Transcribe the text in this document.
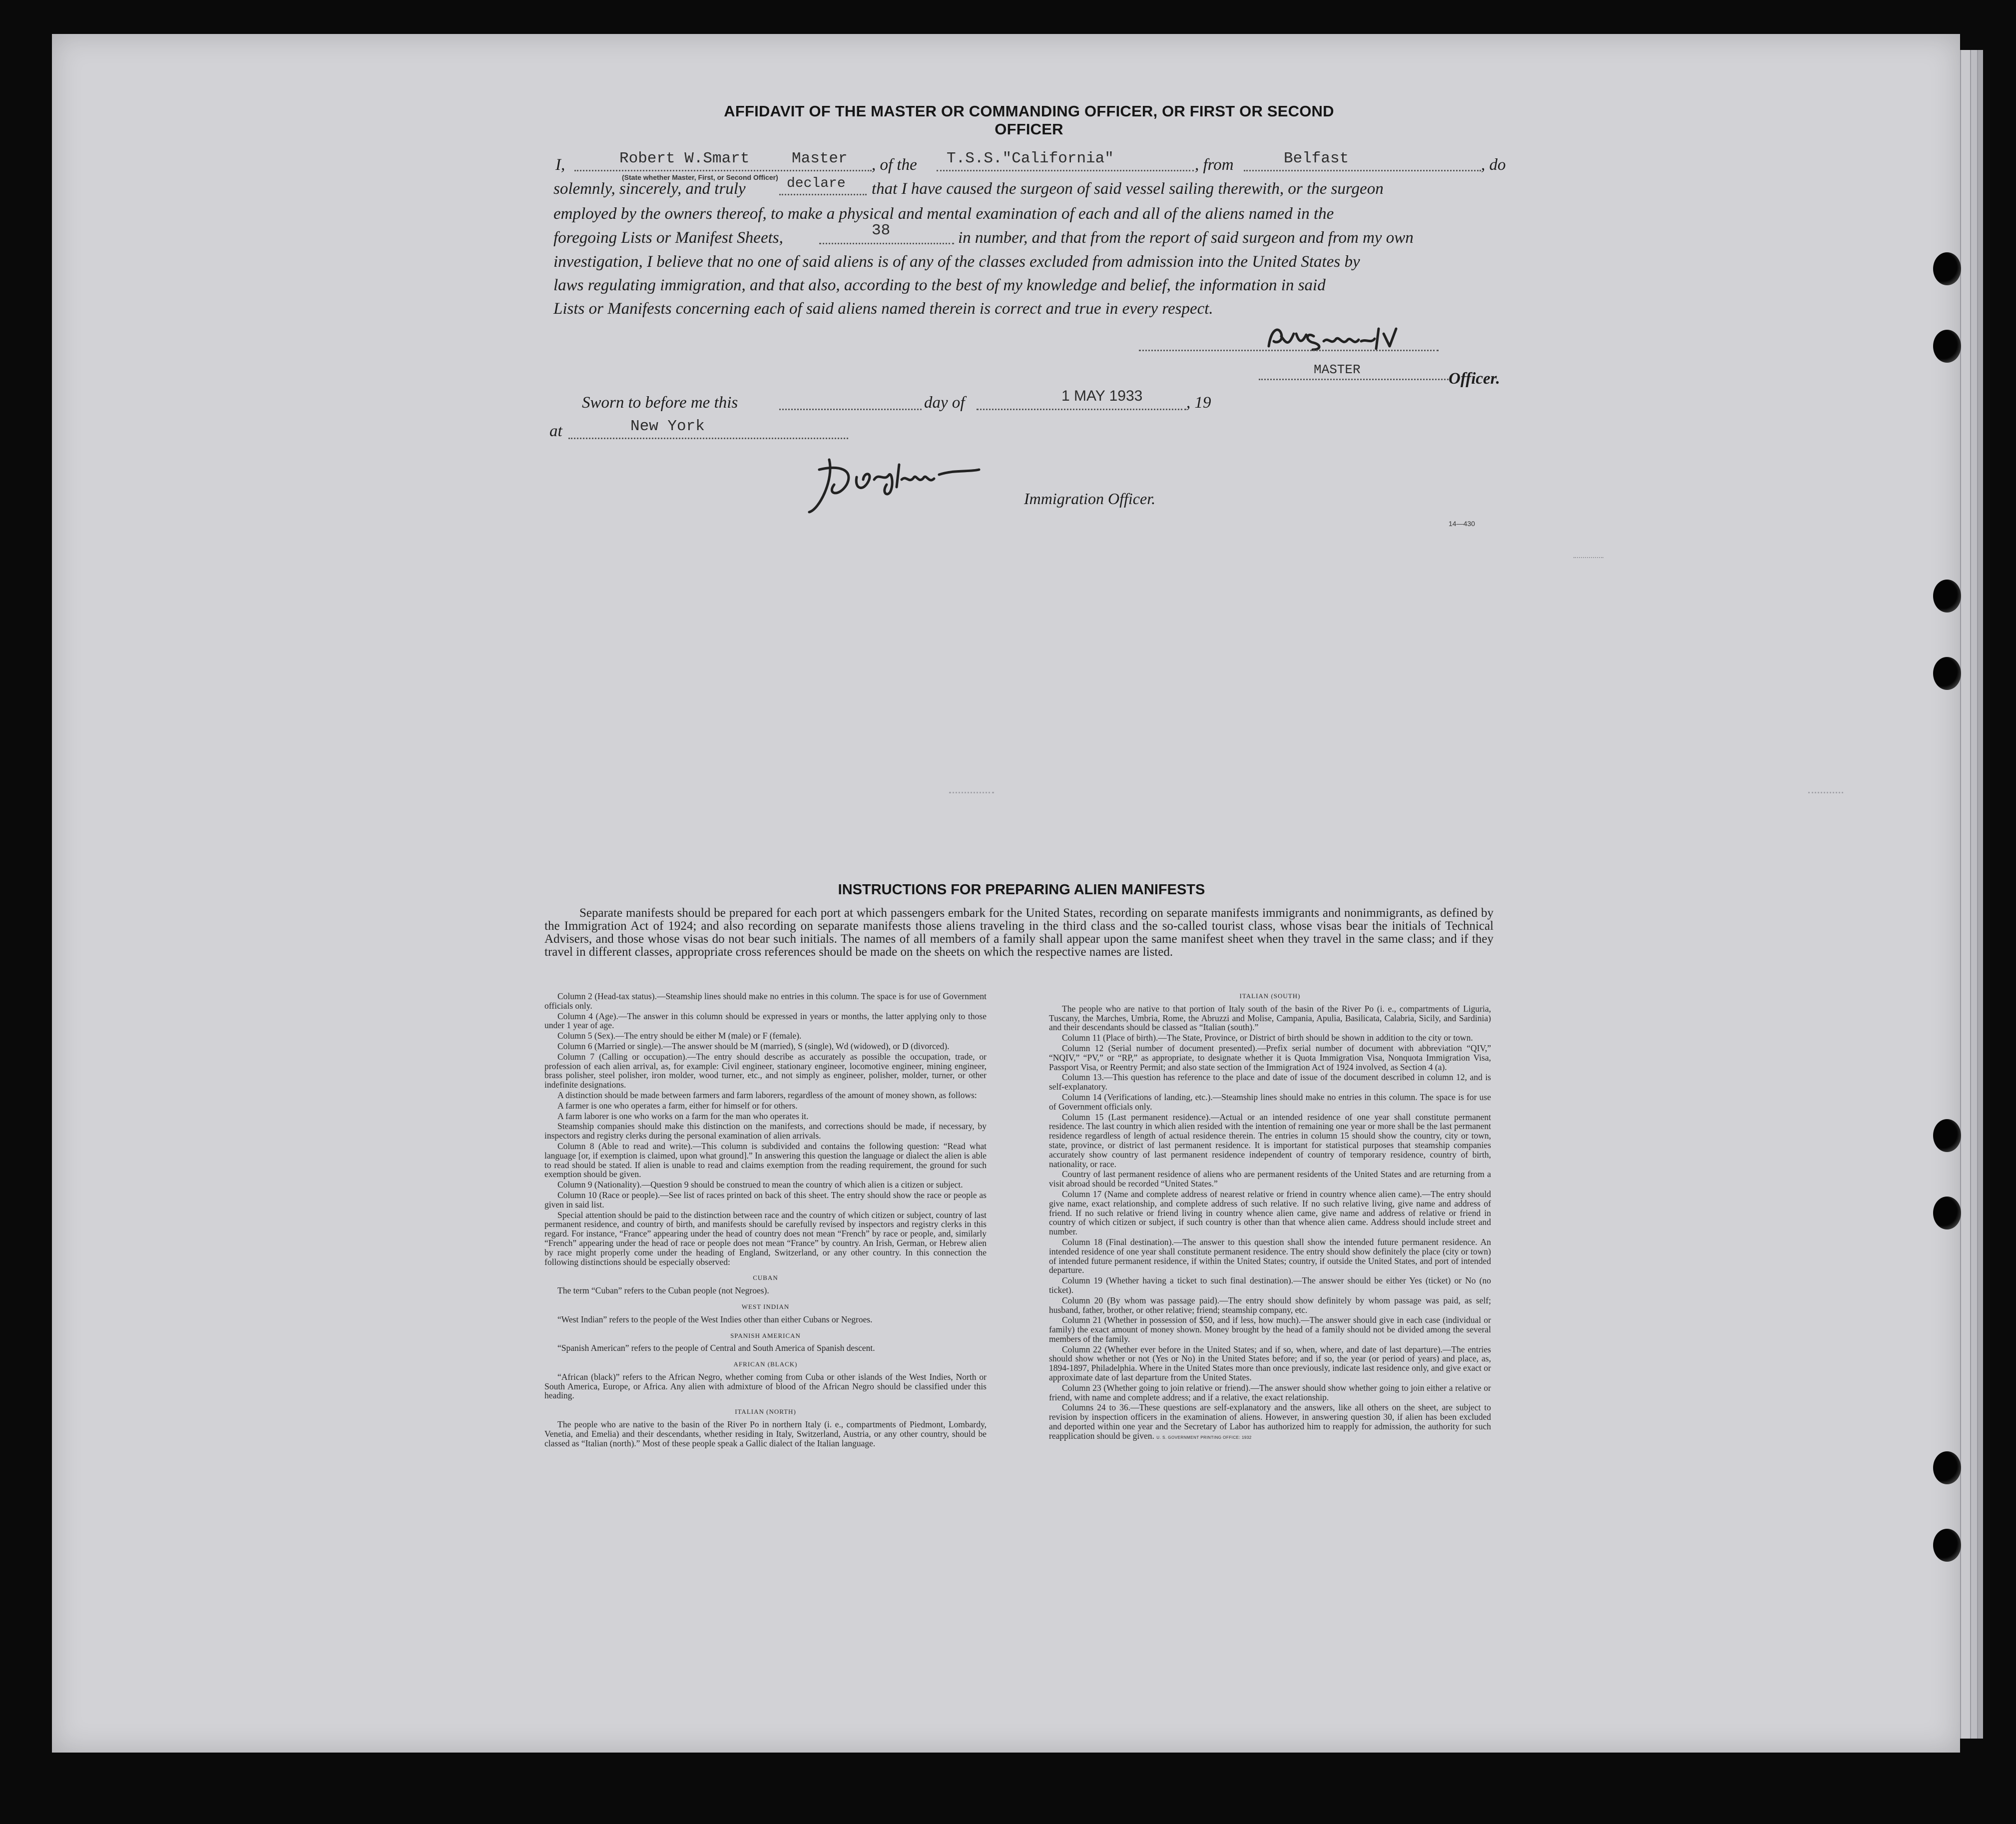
AFFIDAVIT OF THE MASTER OR COMMANDING OFFICER, OR FIRST OR SECOND OFFICER
I,	Robert W.Smart	Master
(State whether Master, First, or Second Officer)
, of the T.S.S."California"	, from	Belfast	, do
solemnly, sincerely, and truly	declare that I have caused the surgeon of said vessel sailing therewith, or the surgeon
employed by the owners thereof, to make a physical and mental examination of each and all of the aliens named in the
foregoing Lists or Manifest Sheets,	38	in number, and that from the report of said surgeon and from my own
investigation, I believe that no one of said aliens is of any of the classes excluded from admission into the United States by
laws regulating immigration, and that also, according to the best of my knowledge and belief, the information in said
Lists or Manifests concerning each of said aliens named therein is correct and true in every respect.
MASTER	Officer.
Sworn to before me this	day of	1 MAY 1933	, 19
at	New York
Immigration Officer.
14—430
INSTRUCTIONS FOR PREPARING ALIEN MANIFESTS
Separate manifests should be prepared for each port at which passengers embark for the United States, recording on separate manifests immigrants and nonimmigrants, as defined by the Immigration Act of 1924; and also recording on separate manifests those aliens traveling in the third class and the so-called tourist class, whose visas bear the initials of Technical Advisers, and those whose visas do not bear such initials. The names of all members of a family shall appear upon the same manifest sheet when they travel in the same class; and if they travel in different classes, appropriate cross references should be made on the sheets on which the respective names are listed.

Column 2 (Head-tax status).—Steamship lines should make no entries in this column. The space is for use of Government officials only.

Column 4 (Age).—The answer in this column should be expressed in years or months, the latter applying only to those under 1 year of age.

Column 5 (Sex).—The entry should be either M (male) or F (female).

Column 6 (Married or single).—The answer should be M (married), S (single), Wd (widowed), or D (divorced).

Column 7 (Calling or occupation).—The entry should describe as accurately as possible the occupation, trade, or profession of each alien arrival, as, for example: Civil engineer, stationary engineer, locomotive engineer, mining engineer, brass polisher, steel polisher, iron molder, wood turner, etc., and not simply as engineer, polisher, molder, turner, or other indefinite designations.

A distinction should be made between farmers and farm laborers, regardless of the amount of money shown, as follows:

A farmer is one who operates a farm, either for himself or for others.

A farm laborer is one who works on a farm for the man who operates it.

Steamship companies should make this distinction on the manifests, and corrections should be made, if necessary, by inspectors and registry clerks during the personal examination of alien arrivals.

Column 8 (Able to read and write).—This column is subdivided and contains the following question: “Read what language [or, if exemption is claimed, upon what ground].” In answering this question the language or dialect the alien is able to read should be stated. If alien is unable to read and claims exemption from the reading requirement, the ground for such exemption should be given.

Column 9 (Nationality).—Question 9 should be construed to mean the country of which alien is a citizen or subject.

Column 10 (Race or people).—See list of races printed on back of this sheet. The entry should show the race or people as given in said list.

Special attention should be paid to the distinction between race and the country of which citizen or subject, country of last permanent residence, and country of birth, and manifests should be carefully revised by inspectors and registry clerks in this regard. For instance, “France” appearing under the head of country does not mean “French” by race or people, and, similarly “French” appearing under the head of race or people does not mean “France” by country. An Irish, German, or Hebrew alien by race might properly come under the heading of England, Switzerland, or any other country. In this connection the following distinctions should be especially observed:

CUBAN

The term “Cuban” refers to the Cuban people (not Negroes).

WEST INDIAN

“West Indian” refers to the people of the West Indies other than either Cubans or Negroes.

SPANISH AMERICAN

“Spanish American” refers to the people of Central and South America of Spanish descent.

AFRICAN (BLACK)

“African (black)” refers to the African Negro, whether coming from Cuba or other islands of the West Indies, North or South America, Europe, or Africa. Any alien with admixture of blood of the African Negro should be classified under this heading.

ITALIAN (NORTH)

The people who are native to the basin of the River Po in northern Italy (i. e., compartments of Piedmont, Lombardy, Venetia, and Emelia) and their descendants, whether residing in Italy, Switzerland, Austria, or any other country, should be classed as “Italian (north).” Most of these people speak a Gallic dialect of the Italian language.

ITALIAN (SOUTH)

The people who are native to that portion of Italy south of the basin of the River Po (i. e., compartments of Liguria, Tuscany, the Marches, Umbria, Rome, the Abruzzi and Molise, Campania, Apulia, Basilicata, Calabria, Sicily, and Sardinia) and their descendants should be classed as “Italian (south).”

Column 11 (Place of birth).—The State, Province, or District of birth should be shown in addition to the city or town.

Column 12 (Serial number of document presented).—Prefix serial number of document with abbreviation “QIV,” “NQIV,” “PV,” or “RP,” as appropriate, to designate whether it is Quota Immigration Visa, Nonquota Immigration Visa, Passport Visa, or Reentry Permit; and also state section of the Immigration Act of 1924 involved, as Section 4 (a).

Column 13.—This question has reference to the place and date of issue of the document described in column 12, and is self-explanatory.

Column 14 (Verifications of landing, etc.).—Steamship lines should make no entries in this column. The space is for use of Government officials only.

Column 15 (Last permanent residence).—Actual or an intended residence of one year shall constitute permanent residence. The last country in which alien resided with the intention of remaining one year or more shall be the last permanent residence regardless of length of actual residence therein. The entries in column 15 should show the country, city or town, state, province, or district of last permanent residence. It is important for statistical purposes that steamship companies accurately show country of last permanent residence independent of country of temporary residence, country of birth, nationality, or race.

Country of last permanent residence of aliens who are permanent residents of the United States and are returning from a visit abroad should be recorded “United States.”

Column 17 (Name and complete address of nearest relative or friend in country whence alien came).—The entry should give name, exact relationship, and complete address of such relative. If no such relative living, give name and address of friend. If no such relative or friend living in country whence alien came, give name and address of relative or friend in country of which citizen or subject, if such country is other than that whence alien came. Address should include street and number.

Column 18 (Final destination).—The answer to this question shall show the intended future permanent residence. An intended residence of one year shall constitute permanent residence. The entry should show definitely the place (city or town) of intended future permanent residence, if within the United States; country, if outside the United States, and port of intended departure.

Column 19 (Whether having a ticket to such final destination).—The answer should be either Yes (ticket) or No (no ticket).

Column 20 (By whom was passage paid).—The entry should show definitely by whom passage was paid, as self; husband, father, brother, or other relative; friend; steamship company, etc.

Column 21 (Whether in possession of $50, and if less, how much).—The answer should give in each case (individual or family) the exact amount of money shown. Money brought by the head of a family should not be divided among the several members of the family.

Column 22 (Whether ever before in the United States; and if so, when, where, and date of last departure).—The entries should show whether or not (Yes or No) in the United States before; and if so, the year (or period of years) and place, as, 1894-1897, Philadelphia. Where in the United States more than once previously, indicate last residence only, and give exact or approximate date of last departure from the United States.

Column 23 (Whether going to join relative or friend).—The answer should show whether going to join either a relative or friend, with name and complete address; and if a relative, the exact relationship.

Columns 24 to 36.—These questions are self-explanatory and the answers, like all others on the sheet, are subject to revision by inspection officers in the examination of aliens. However, in answering question 30, if alien has been excluded and deported within one year and the Secretary of Labor has authorized him to reapply for admission, the authority for such reapplication should be given. U. S. GOVERNMENT PRINTING OFFICE: 1932
